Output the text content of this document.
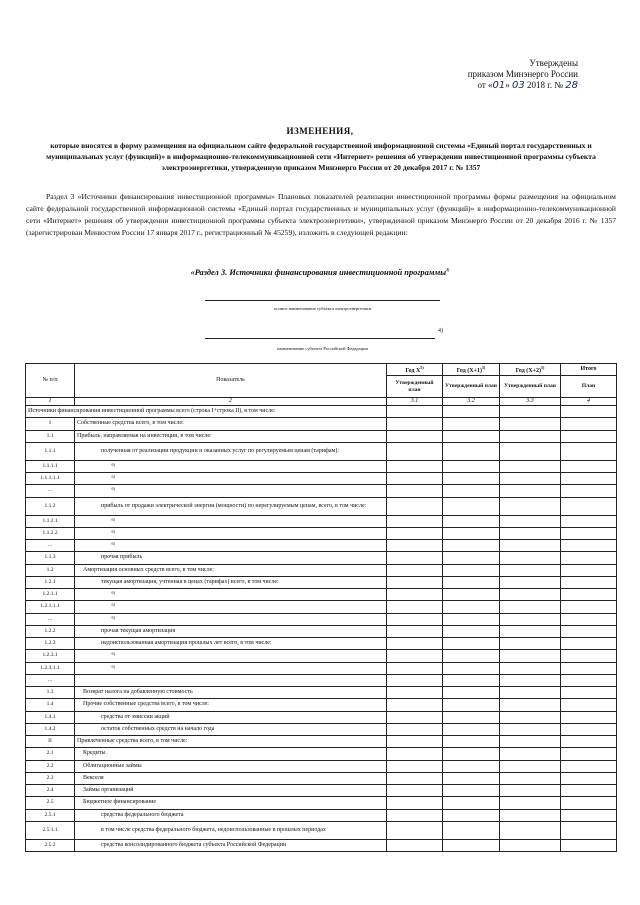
Утверждены
приказом Минэнерго России
от «01» 03 2018 г. № 28
ИЗМЕНЕНИЯ,
которые вносятся в форму размещения на официальном сайте федеральной государственной информационной системы «Единый портал государственных и муниципальных услуг (функций)» в информационно-телекоммуникационной сети «Интернет» решения об утверждении инвестиционной программы субъекта электроэнергетики, утвержденную приказом Минэнерго России от 20 декабря 2017 г. № 1357
Раздел 3 «Источники финансирования инвестиционной программы» Плановых показателей реализации инвестиционной программы формы размещения на официальном сайте федеральной государственной информационной системы «Единый портал государственных и муниципальных услуг (функций)» в информационно-телекоммуникационной сети «Интернет» решения об утверждении инвестиционной программы субъекта электроэнергетики», утвержденной приказом Минэнерго России от 20 декабря 2016 г. № 1357 (зарегистрирован Минюстом России 17 января 2017 г., регистрационный № 45259), изложить в следующей редакции:
«Раздел 3. Источники финансирования инвестиционной программы$^{3)}$
полное наименование субъекта электроэнергетики
4)
наименование субъекта Российской Федерации
№ п/п	Показатель	Год $X^{5)}$	Год $(X+1)^{5)}$	Год $(X+2)^{5)}$	Итого
		Утвержденный план	Утвержденный план	Утвержденный план	План
1	2	3.1	3.2	3.3	4
Источники финансирования инвестиционной программы всего (строка I+строка II), в том числе:					
I	Собственные средства всего, в том числе:				
1.1	Прибыль, направляемая на инвестиции, в том числе:				
1.1.1	полученная от реализации продукции и оказанных услуг по регулируемым ценам (тарифам):				
1.1.1.1	$^{6)}$				
1.1.1.1.1	$^{6)}$				
...	$^{6)}$				
1.1.2	прибыль от продажи электрической энергии (мощности) по нерегулируемым ценам, всего, в том числе:				
1.1.2.1	$^{6)}$				
1.1.2.2	$^{6)}$				
...	$^{6)}$				
1.1.3	прочая прибыль				
1.2	Амортизация основных средств всего, в том числе:				
1.2.1	текущая амортизация, учтенная в ценах (тарифах) всего, в том числе:				
1.2.1.1	$^{6)}$				
1.2.1.1.1	$^{6)}$				
...	$^{6)}$				
1.2.2	прочая текущая амортизация				
1.2.3	недоиспользованная амортизация прошлых лет всего, в том числе:				
1.2.3.1	$^{6)}$				
1.2.3.1.1	$^{6)}$				
...					
1.3	Возврат налога на добавленную стоимость				
1.4	Прочие собственные средства всего, в том числе:				
1.4.1	средства от эмиссии акций				
1.4.2	остаток собственных средств на начало года				
II	Привлеченные средства всего, в том числе:				
2.1	Кредиты				
2.2	Облигационные займы				
2.3	Векселя				
2.4	Займы организаций				
2.5	Бюджетное финансирование				
2.5.1	средства федерального бюджета				
2.5.1.1	в том числе средства федерального бюджета, недоиспользованные в прошлых периодах				
2.5.2	средства консолидированного бюджета субъекта Российской Федерации				
